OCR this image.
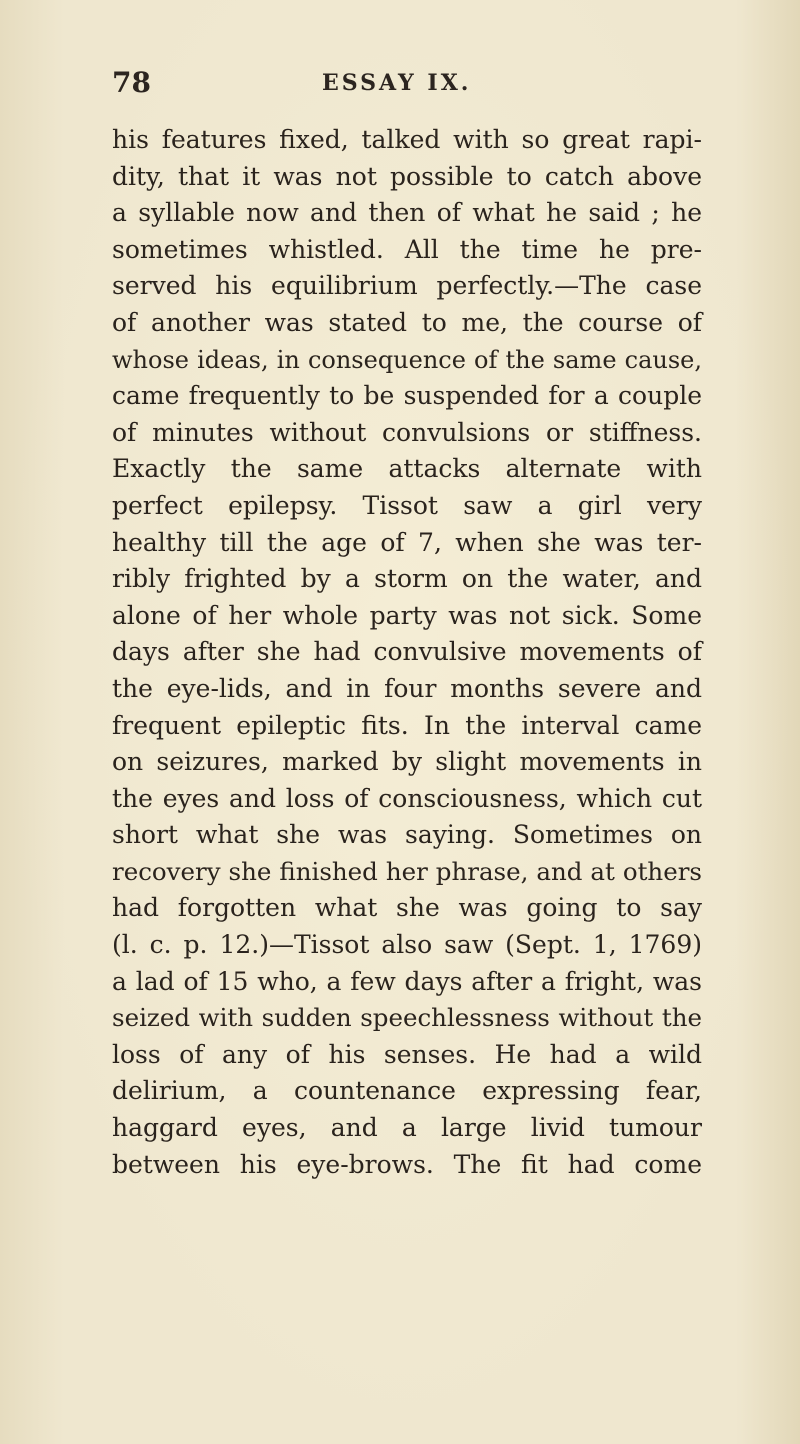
78	ESSAY IX.
his features fixed, talked with so great rapi-
dity, that it was not possible to catch above
a syllable now and then of what he said ; he
sometimes whistled. All the time he pre-
served his equilibrium perfectly.—The case
of another was stated to me, the course of
whose ideas, in consequence of the same cause,
came frequently to be suspended for a couple
of minutes without convulsions or stiffness.
Exactly the same attacks alternate with
perfect epilepsy. Tissot saw a girl very
healthy till the age of 7, when she was ter-
ribly frighted by a storm on the water, and
alone of her whole party was not sick. Some
days after she had convulsive movements of
the eye-lids, and in four months severe and
frequent epileptic fits. In the interval came
on seizures, marked by slight movements in
the eyes and loss of consciousness, which cut
short what she was saying. Sometimes on
recovery she finished her phrase, and at others
had forgotten what she was going to say
(l. c. p. 12.)—Tissot also saw (Sept. 1, 1769)
a lad of 15 who, a few days after a fright, was
seized with sudden speechlessness without the
loss of any of his senses. He had a wild
delirium, a countenance expressing fear,
haggard eyes, and a large livid tumour
between his eye-brows. The fit had come
